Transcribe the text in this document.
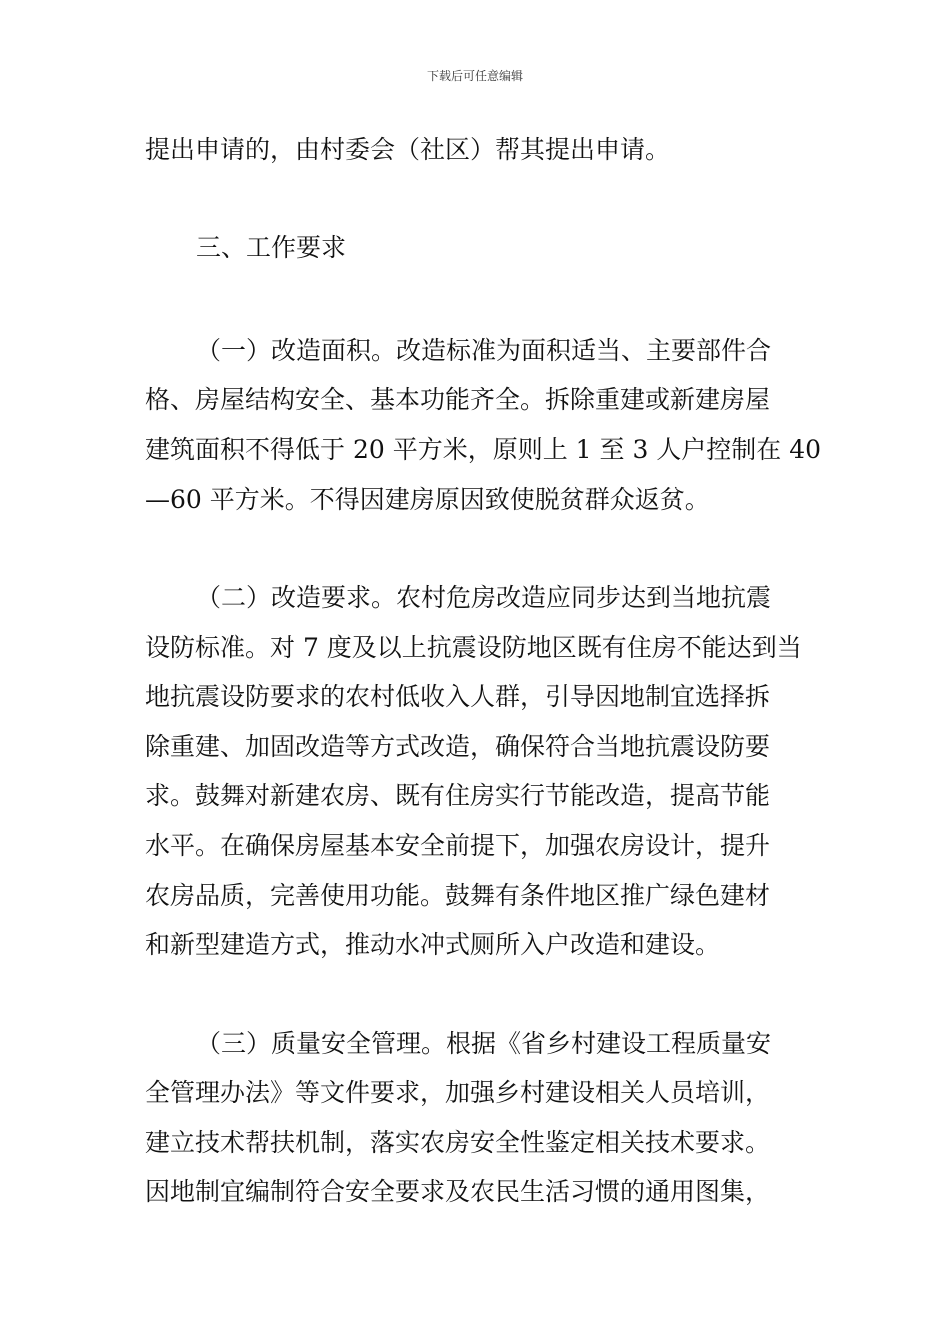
下载后可任意编辑
提出申请的，由村委会（社区）帮其提出申请。
三、工作要求
（一）改造面积。改造标准为面积适当、主要部件合
格、房屋结构安全、基本功能齐全。拆除重建或新建房屋
建筑面积不得低于 20 平方米，原则上 1 至 3 人户控制在 40
—60 平方米。不得因建房原因致使脱贫群众返贫。
（二）改造要求。农村危房改造应同步达到当地抗震
设防标准。对 7 度及以上抗震设防地区既有住房不能达到当
地抗震设防要求的农村低收入人群，引导因地制宜选择拆
除重建、加固改造等方式改造，确保符合当地抗震设防要
求。鼓舞对新建农房、既有住房实行节能改造，提高节能
水平。在确保房屋基本安全前提下，加强农房设计，提升
农房品质，完善使用功能。鼓舞有条件地区推广绿色建材
和新型建造方式，推动水冲式厕所入户改造和建设。
（三）质量安全管理。根据《省乡村建设工程质量安
全管理办法》等文件要求，加强乡村建设相关人员培训，
建立技术帮扶机制，落实农房安全性鉴定相关技术要求。
因地制宜编制符合安全要求及农民生活习惯的通用图集，
